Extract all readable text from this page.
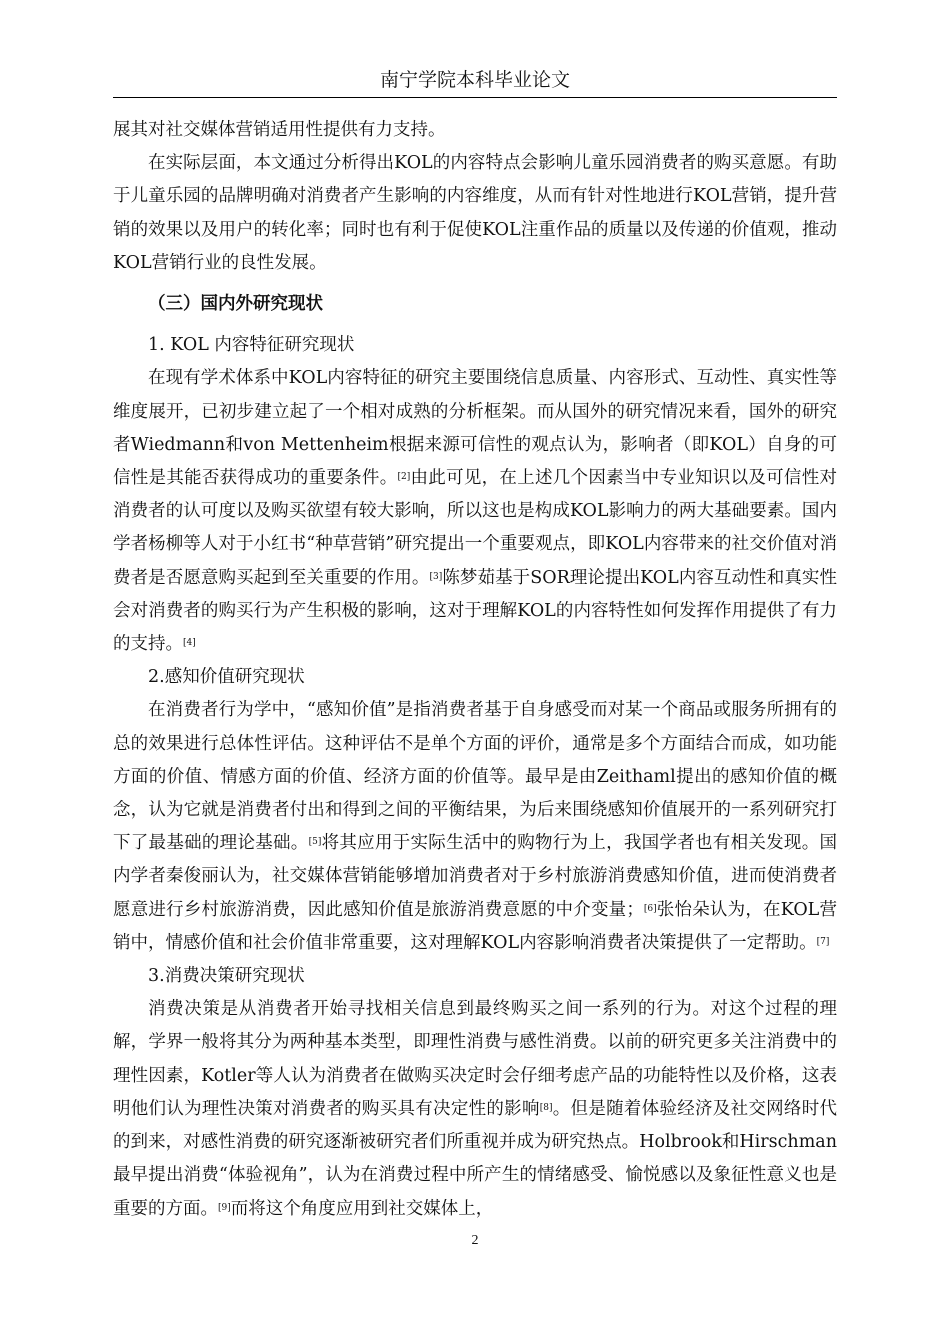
南宁学院本科毕业论文

展其对社交媒体营销适用性提供有力支持。

在实际层面，本文通过分析得出KOL的内容特点会影响儿童乐园消费者的购买意愿。有助于儿童乐园的品牌明确对消费者产生影响的内容维度，从而有针对性地进行KOL营销，提升营销的效果以及用户的转化率；同时也有利于促使KOL注重作品的质量以及传递的价值观，推动KOL营销行业的良性发展。

（三）国内外研究现状

1. KOL 内容特征研究现状

在现有学术体系中KOL内容特征的研究主要围绕信息质量、内容形式、互动性、真实性等维度展开，已初步建立起了一个相对成熟的分析框架。而从国外的研究情况来看，国外的研究者Wiedmann和von Mettenheim根据来源可信性的观点认为，影响者（即KOL）自身的可信性是其能否获得成功的重要条件。[2]由此可见，在上述几个因素当中专业知识以及可信性对消费者的认可度以及购买欲望有较大影响，所以这也是构成KOL影响力的两大基础要素。国内学者杨柳等人对于小红书“种草营销”研究提出一个重要观点，即KOL内容带来的社交价值对消费者是否愿意购买起到至关重要的作用。[3]陈梦茹基于SOR理论提出KOL内容互动性和真实性会对消费者的购买行为产生积极的影响，这对于理解KOL的内容特性如何发挥作用提供了有力的支持。[4]

2.感知价值研究现状

在消费者行为学中，“感知价值”是指消费者基于自身感受而对某一个商品或服务所拥有的总的效果进行总体性评估。这种评估不是单个方面的评价，通常是多个方面结合而成，如功能方面的价值、情感方面的价值、经济方面的价值等。最早是由Zeithaml提出的感知价值的概念，认为它就是消费者付出和得到之间的平衡结果，为后来围绕感知价值展开的一系列研究打下了最基础的理论基础。[5]将其应用于实际生活中的购物行为上，我国学者也有相关发现。国内学者秦俊丽认为，社交媒体营销能够增加消费者对于乡村旅游消费感知价值，进而使消费者愿意进行乡村旅游消费，因此感知价值是旅游消费意愿的中介变量；[6]张怡朵认为，在KOL营销中，情感价值和社会价值非常重要，这对理解KOL内容影响消费者决策提供了一定帮助。[7]

3.消费决策研究现状

消费决策是从消费者开始寻找相关信息到最终购买之间一系列的行为。对这个过程的理解，学界一般将其分为两种基本类型，即理性消费与感性消费。以前的研究更多关注消费中的理性因素，Kotler等人认为消费者在做购买决定时会仔细考虑产品的功能特性以及价格，这表明他们认为理性决策对消费者的购买具有决定性的影响[8]。但是随着体验经济及社交网络时代的到来，对感性消费的研究逐渐被研究者们所重视并成为研究热点。Holbrook和Hirschman最早提出消费“体验视角”，认为在消费过程中所产生的情绪感受、愉悦感以及象征性意义也是重要的方面。[9]而将这个角度应用到社交媒体上，

2
